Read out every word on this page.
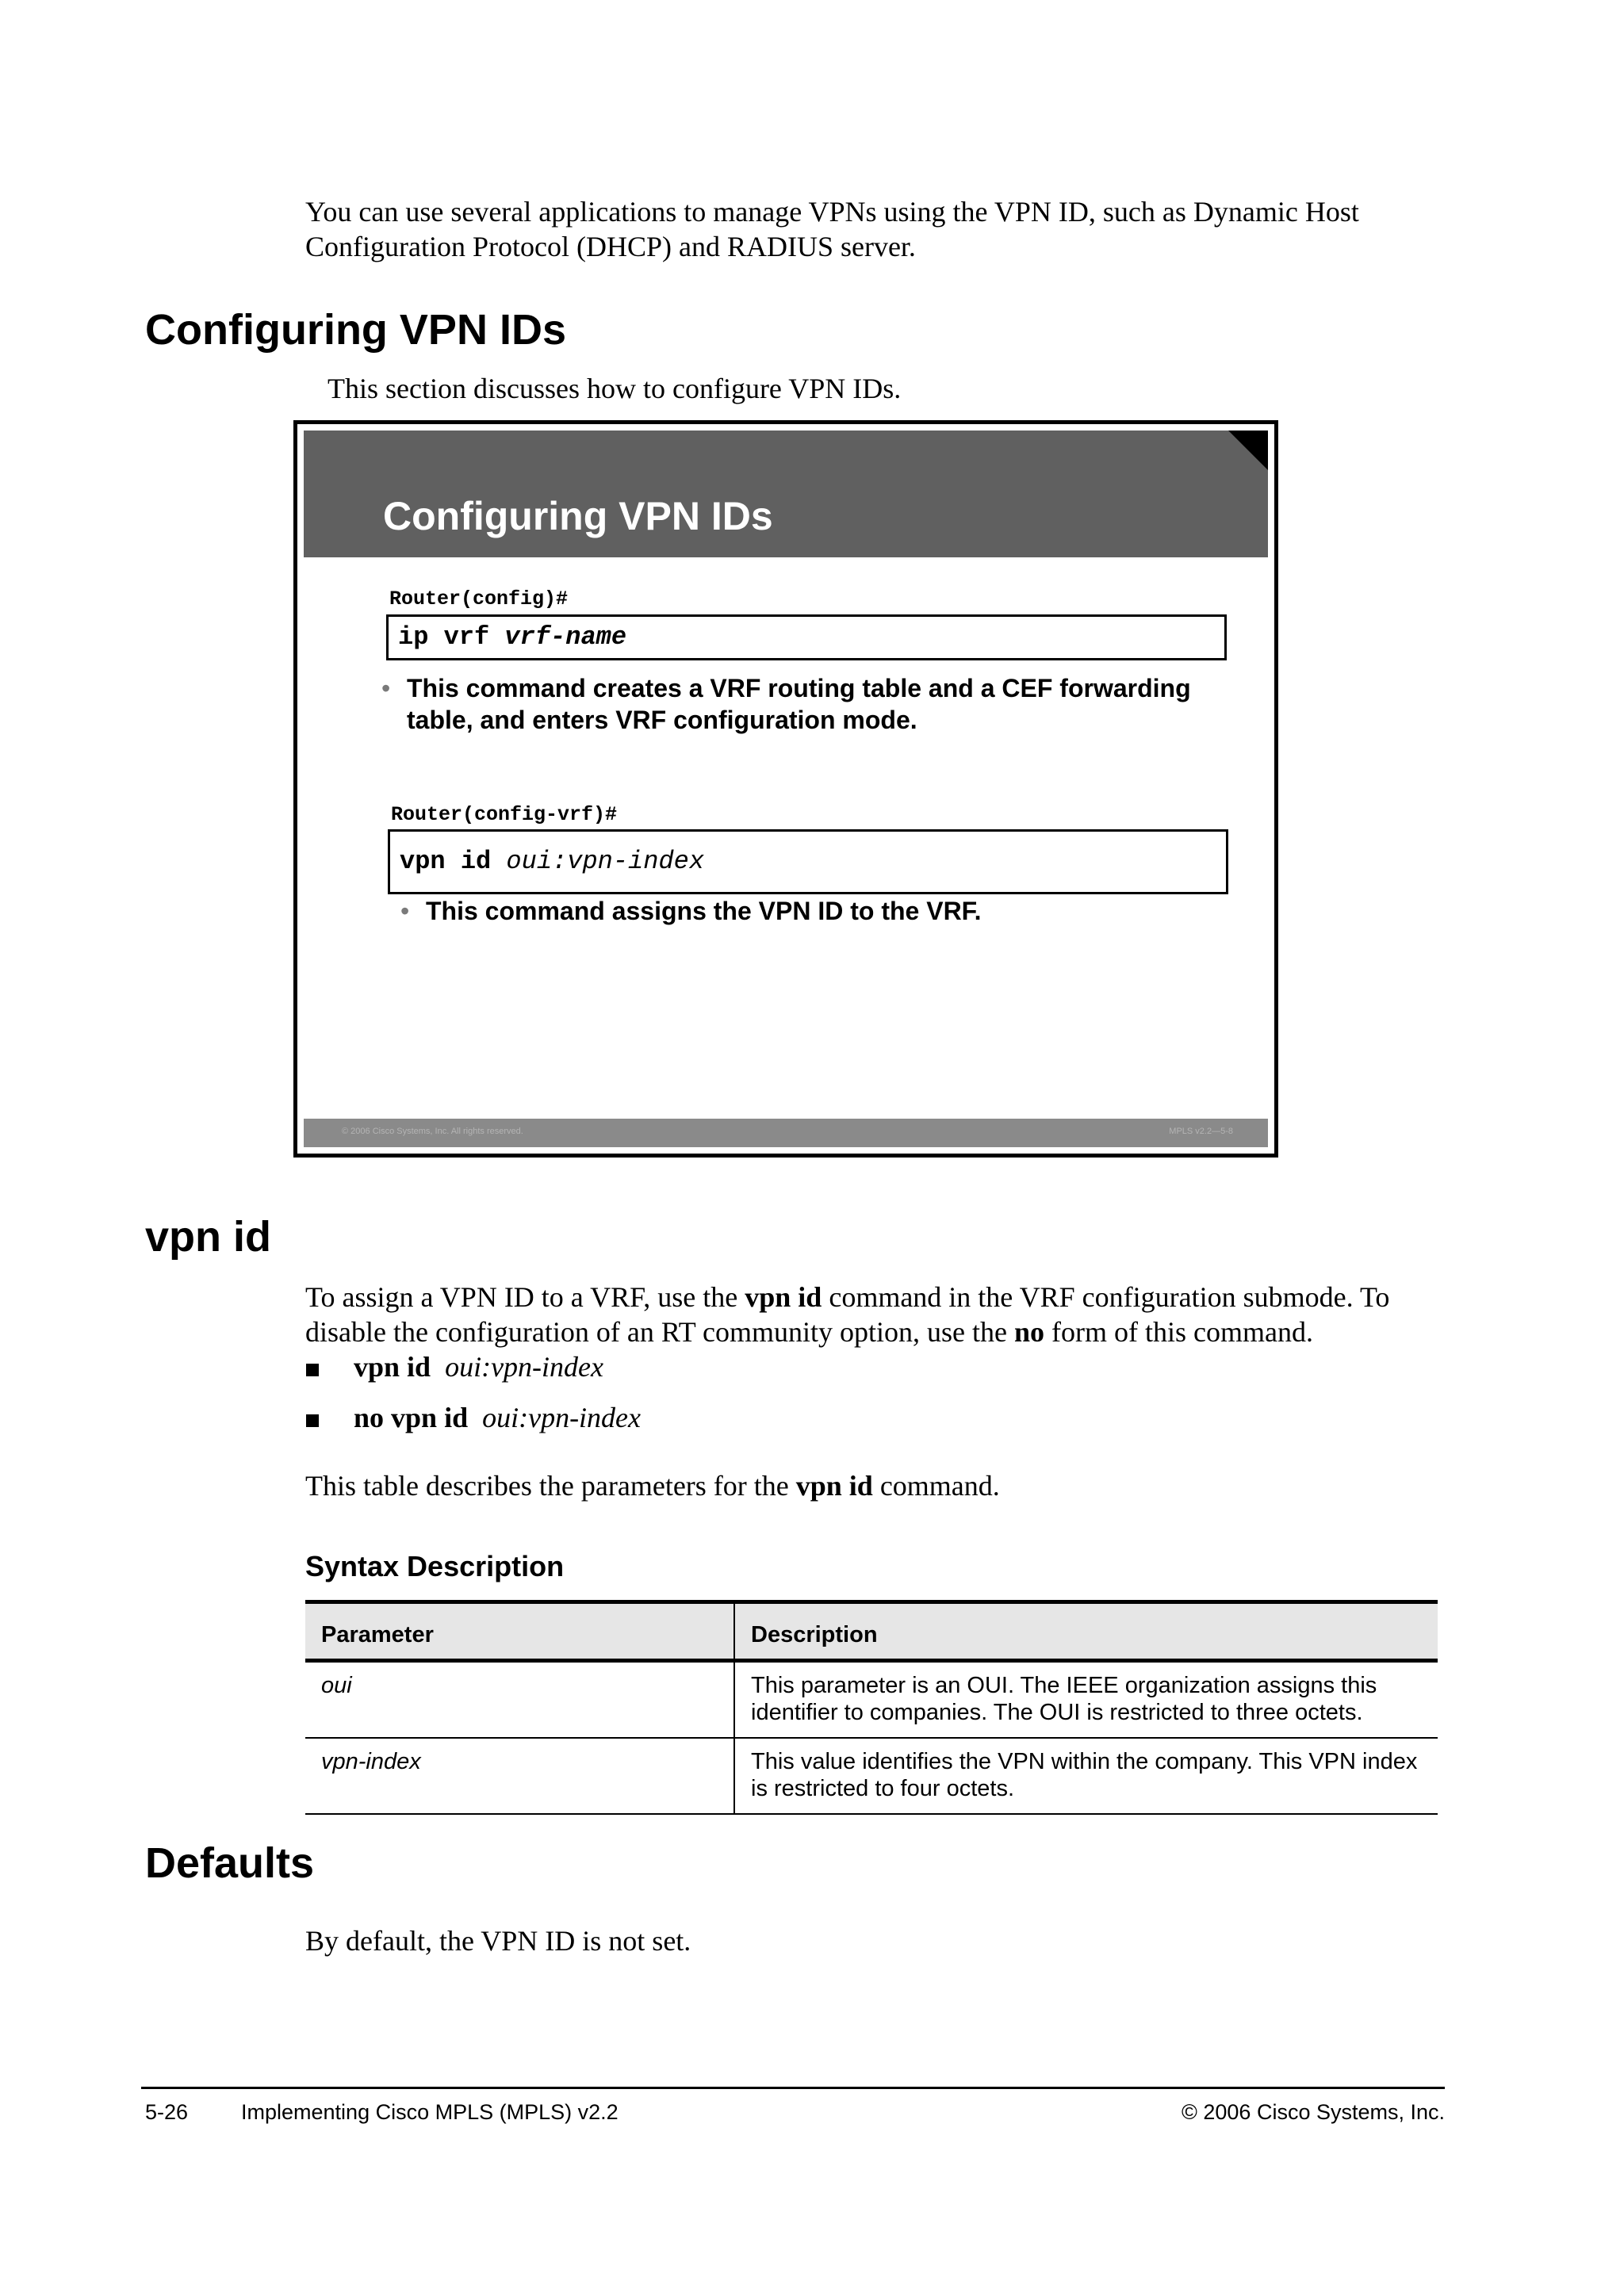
You can use several applications to manage VPNs using the VPN ID, such as Dynamic Host
Configuration Protocol (DHCP) and RADIUS server.
Configuring VPN IDs
This section discusses how to configure VPN IDs.
Configuring VPN IDs
Router(config)#
ip vrf vrf-name
• This command creates a VRF routing table and a CEF forwarding
table, and enters VRF configuration mode.
Router(config-vrf)#
vpn id oui:vpn-index
• This command assigns the VPN ID to the VRF.
© 2006 Cisco Systems, Inc. All rights reserved.	MPLS v2.2—5-8
vpn id
To assign a VPN ID to a VRF, use the vpn id command in the VRF configuration submode. To
disable the configuration of an RT community option, use the no form of this command.
vpn id oui:vpn-index
no vpn id oui:vpn-index
This table describes the parameters for the vpn id command.
Syntax Description
Parameter	Description
oui	This parameter is an OUI. The IEEE organization assigns this
identifier to companies. The OUI is restricted to three octets.

vpn-index	This value identifies the VPN within the company. This VPN index
is restricted to four octets.
Defaults
By default, the VPN ID is not set.
5-26 Implementing Cisco MPLS (MPLS) v2.2	© 2006 Cisco Systems, Inc.
